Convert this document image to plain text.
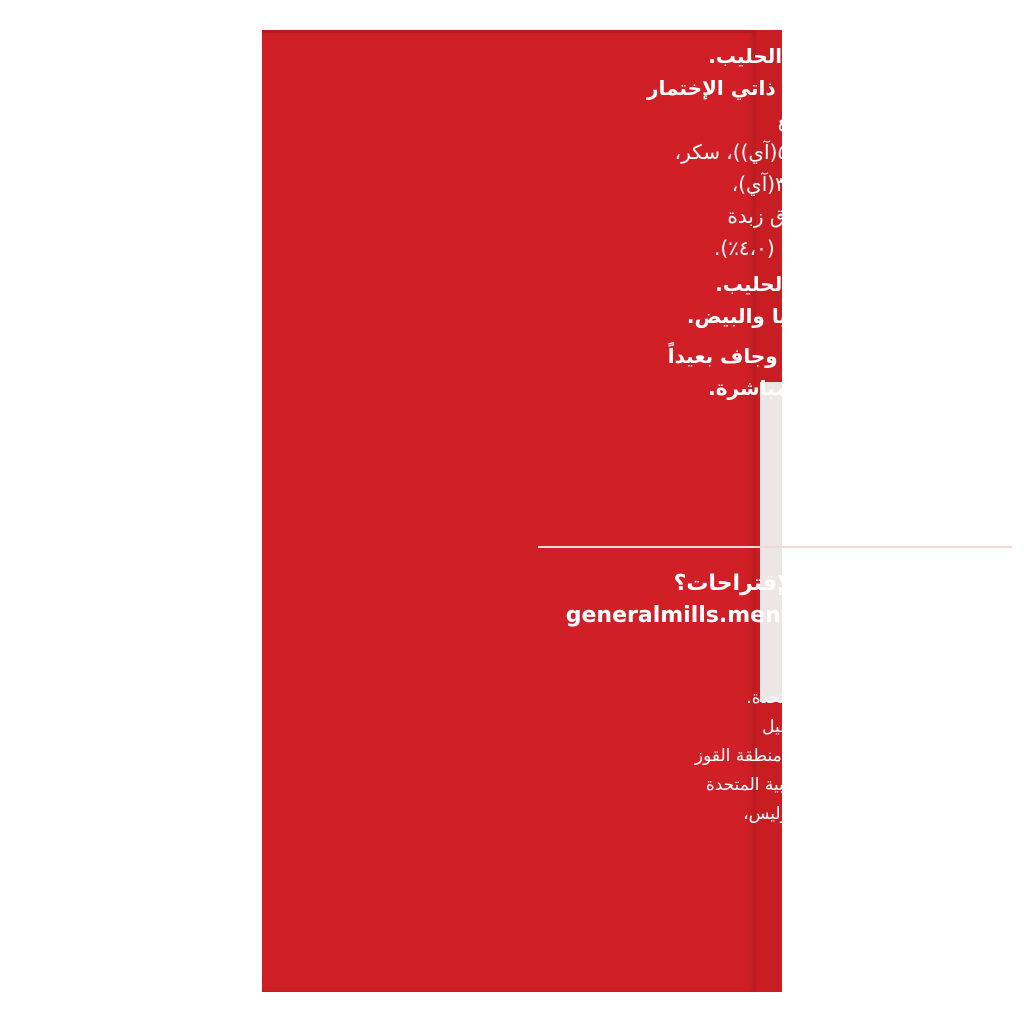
خليط البانكيك بزبدة الحليب.

المكوّنات: دقيق قمح ذاتي الإختمار

(دقيق القمح، عوامل رفع

(إي ٥٠٠(آي آي)، إي ٥٤١(آي))، سكر،

ملح، عوامل رفع (إي ٣٤١(آي)،

إي ٣٤١(آي آي))، مسحوق زبدة

الحليب (من حليب البقر) (٤،٠٪).

يحتوي على القمح والحليب.

قد يحتوي على الصويا والبيض.

يحفظ في مكان بارد وجاف بعيداً

عن أشعة الشمس المباشرة.

لا يؤكل المزيج نيئاً.

مناسب للنباتيين

للإستفسارات أو الإقتراحات؟

generalmills.mena@genmills.com

صنع في الإمارات العربية المتحدة.

صنع من قبل منتجات سيفيل

المحدودة (ش.ذ.م.م) (فرع) منطقة القوز

الصناعية، دبي، الإمارات العربية المتحدة

لصالح جنرال ميلز إنك. مينابوليس،

الولايات المتحدة الأمريكية.

© جنرال ميلز
